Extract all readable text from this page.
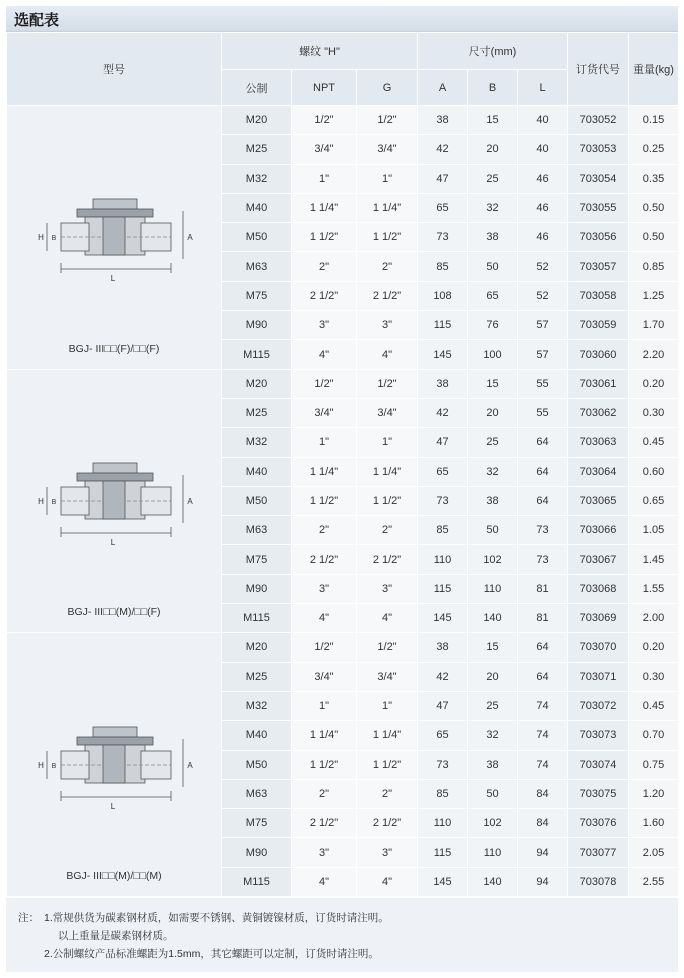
选配表
型号	螺纹 "H"			尺寸(mm)			订货代号	重量(kg)
	公制	NPT	G	A	B	L		

L
H B A
BGJ- III□□(F)/□□(F)	M20	1/2"	1/2"	38	15	40	703052	0.15
	M25	3/4"	3/4"	42	20	40	703053	0.25
	M32	1"	1"	47	25	46	703054	0.35
	M40	1 1/4"	1 1/4"	65	32	46	703055	0.50
	M50	1 1/2"	1 1/2"	73	38	46	703056	0.50
	M63	2"	2"	85	50	52	703057	0.85
	M75	2 1/2"	2 1/2"	108	65	52	703058	1.25
	M90	3"	3"	115	76	57	703059	1.70
	M115	4"	4"	145	100	57	703060	2.20

L
H B A
BGJ- III□□(M)/□□(F)	M20	1/2"	1/2"	38	15	55	703061	0.20
	M25	3/4"	3/4"	42	20	55	703062	0.30
	M32	1"	1"	47	25	64	703063	0.45
	M40	1 1/4"	1 1/4"	65	32	64	703064	0.60
	M50	1 1/2"	1 1/2"	73	38	64	703065	0.65
	M63	2"	2"	85	50	73	703066	1.05
	M75	2 1/2"	2 1/2"	110	102	73	703067	1.45
	M90	3"	3"	115	110	81	703068	1.55
	M115	4"	4"	145	140	81	703069	2.00

L
H B A
BGJ- III□□(M)/□□(M)	M20	1/2"	1/2"	38	15	64	703070	0.20
	M25	3/4"	3/4"	42	20	64	703071	0.30
	M32	1"	1"	47	25	74	703072	0.45
	M40	1 1/4"	1 1/4"	65	32	74	703073	0.70
	M50	1 1/2"	1 1/2"	73	38	74	703074	0.75
	M63	2"	2"	85	50	84	703075	1.20
	M75	2 1/2"	2 1/2"	110	102	84	703076	1.60
	M90	3"	3"	115	110	94	703077	2.05
	M115	4"	4"	145	140	94	703078	2.55
注： 1.常规供货为碳素钢材质，如需要不锈钢、黄铜镀镍材质，订货时请注明。
以上重量是碳素钢材质。
2.公制螺纹产品标准螺距为1.5mm，其它螺距可以定制，订货时请注明。
